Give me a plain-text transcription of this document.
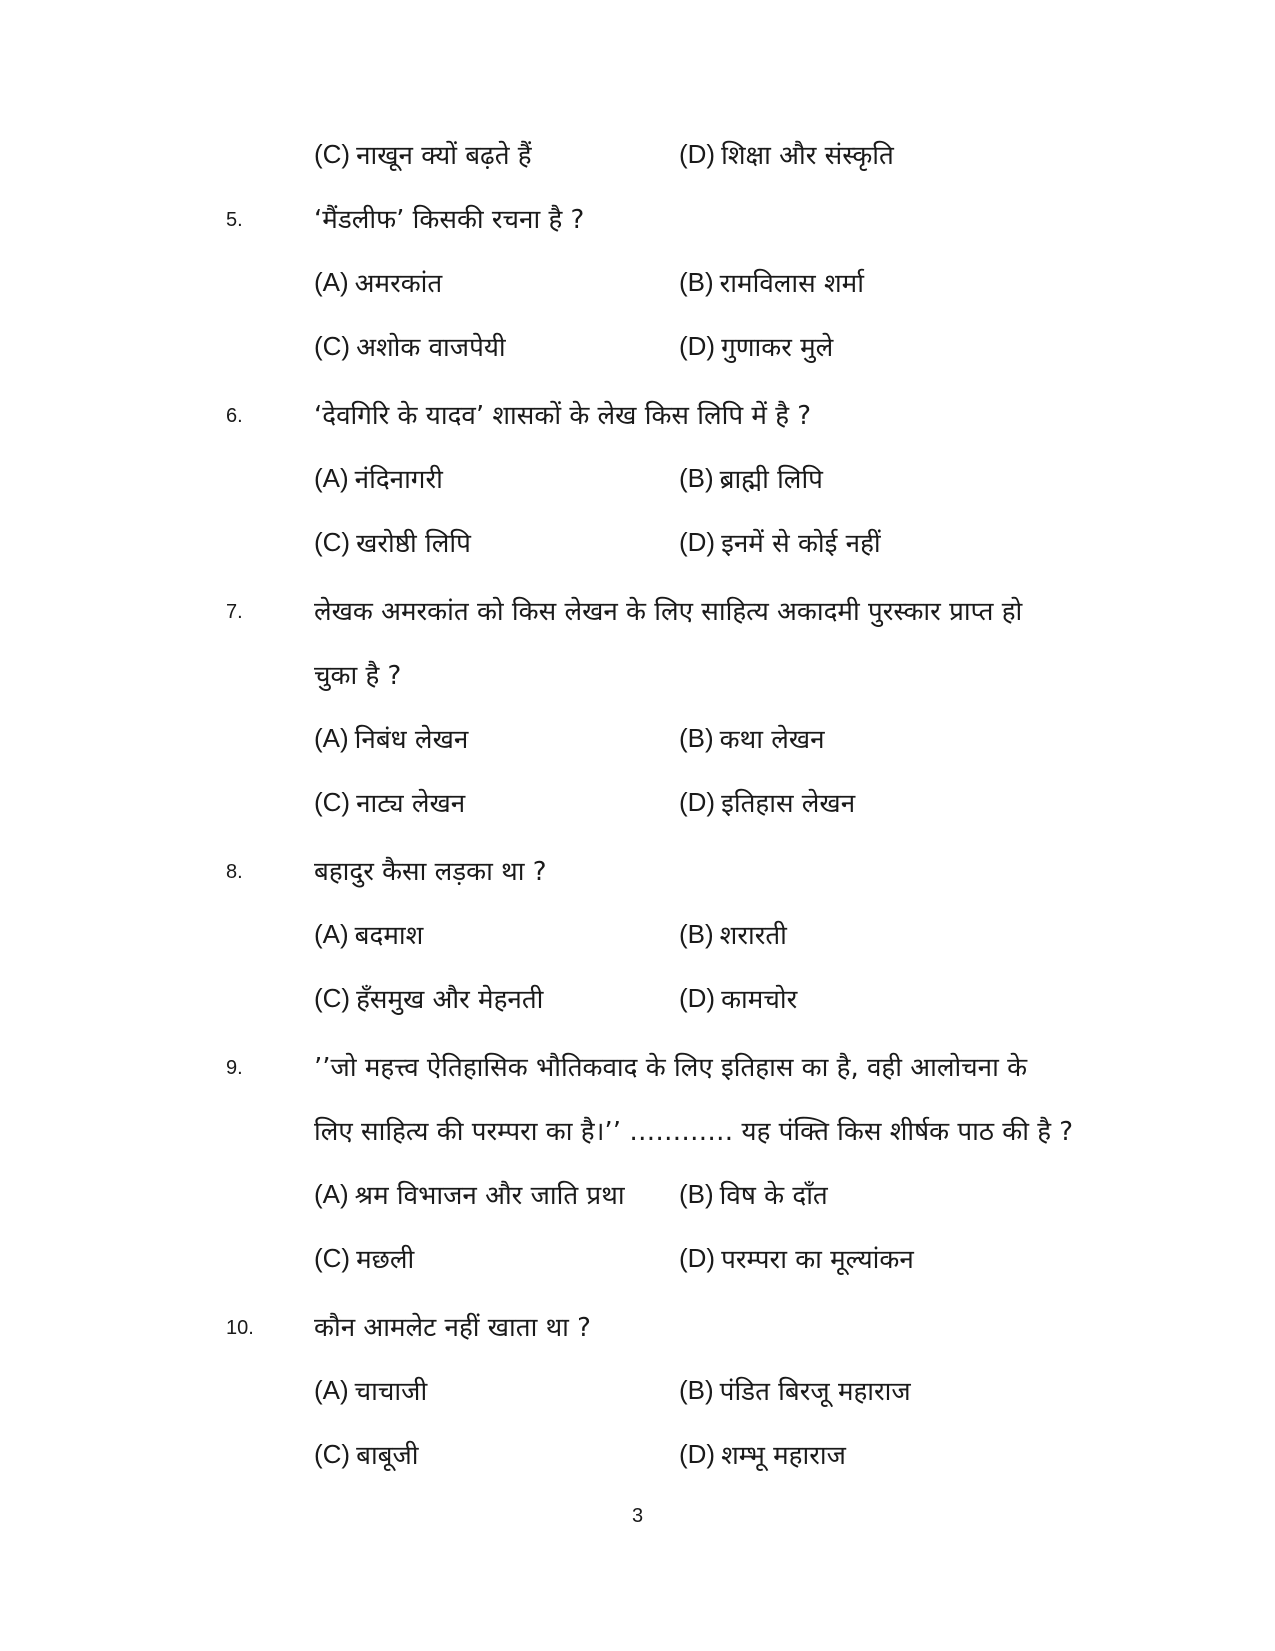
(C) नाखून क्यों बढ़ते हैं	(D) शिक्षा और संस्कृति
5.	‘मैंडलीफ’ किसकी रचना है ?
(A) अमरकांत	(B) रामविलास शर्मा
(C) अशोक वाजपेयी	(D) गुणाकर मुले
6.	‘देवगिरि के यादव’ शासकों के लेख किस लिपि में है ?
(A) नंदिनागरी	(B) ब्राह्मी लिपि
(C) खरोष्ठी लिपि	(D) इनमें से कोई नहीं
7.	लेखक अमरकांत को किस लेखन के लिए साहित्य अकादमी पुरस्कार प्राप्त हो
चुका है ?
(A) निबंध लेखन	(B) कथा लेखन
(C) नाट्य लेखन	(D) इतिहास लेखन
8.	बहादुर कैसा लड़का था ?
(A) बदमाश	(B) शरारती
(C) हँसमुख और मेहनती	(D) कामचोर
9.	’’जो महत्त्व ऐतिहासिक भौतिकवाद के लिए इतिहास का है, वही आलोचना के
लिए साहित्य की परम्परा का है।’’ ………… यह पंक्ति किस शीर्षक पाठ की है ?
(A) श्रम विभाजन और जाति प्रथा (B) विष के दाँत
(C) मछली	(D) परम्परा का मूल्यांकन
10.	कौन आमलेट नहीं खाता था ?
(A) चाचाजी	(B) पंडित बिरजू महाराज
(C) बाबूजी	(D) शम्भू महाराज
3
